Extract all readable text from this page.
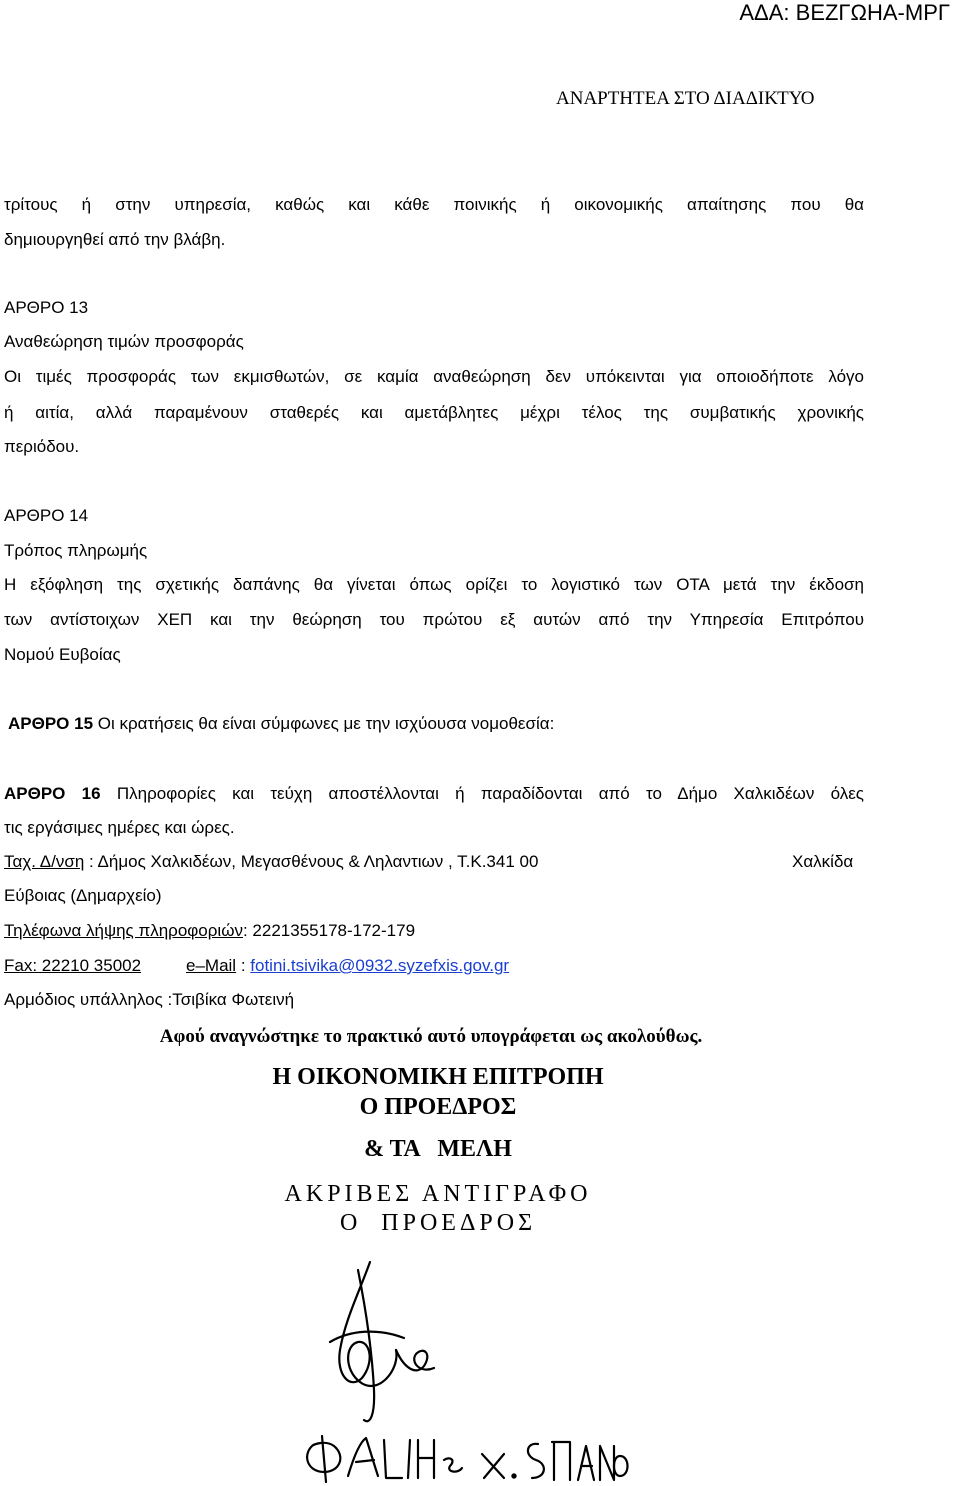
ΑΔΑ: ΒΕΖΓΩΗΑ-ΜΡΓ
ΑΝΑΡΤΗΤΕΑ ΣΤΟ ΔΙΑΔΙΚΤΥΟ
τρίτους ή στην υπηρεσία, καθώς και κάθε ποινικής ή οικονομικής απαίτησης που θα
δημιουργηθεί από την βλάβη.
ΑΡΘΡΟ 13
Αναθεώρηση τιμών προσφοράς
Οι τιμές προσφοράς των εκμισθωτών, σε καμία αναθεώρηση δεν υπόκεινται για οποιοδήποτε λόγο
ή αιτία, αλλά παραμένουν σταθερές και αμετάβλητες μέχρι τέλος της συμβατικής χρονικής
περιόδου.
ΑΡΘΡΟ 14
Τρόπος πληρωμής
Η εξόφληση της σχετικής δαπάνης θα γίνεται όπως ορίζει το λογιστικό των ΟΤΑ μετά την έκδοση
των αντίστοιχων ΧΕΠ και την θεώρηση του πρώτου εξ αυτών από την Υπηρεσία Επιτρόπου
Νομού Ευβοίας
ΑΡΘΡΟ 15 Οι κρατήσεις θα είναι σύμφωνες με την ισχύουσα νομοθεσία:
ΑΡΘΡΟ 16 Πληροφορίες και τεύχη αποστέλλονται ή παραδίδονται από το Δήμο Χαλκιδέων όλες
τις εργάσιμες ημέρες και ώρες.
Ταχ. Δ/νση : Δήμος Χαλκιδέων, Μεγασθένους & Ληλαντιων , Τ.Κ.341 00	Χαλκίδα
Εύβοιας (Δημαρχείο)
Τηλέφωνα λήψης πληροφοριών: 2221355178-172-179
Fax: 22210 35002	e–Mail : fotini.tsivika@0932.syzefxis.gov.gr
Αρμόδιος υπάλληλος :Τσιβίκα Φωτεινή
Αφού αναγνώστηκε το πρακτικό αυτό υπογράφεται ως ακολούθως.
Η ΟΙΚΟΝΟΜΙΚΗ ΕΠΙΤΡΟΠΗ
Ο ΠΡΟΕΔΡΟΣ
& ΤΑ   ΜΕΛΗ
ΑΚΡΙΒΕΣ ΑΝΤΙΓΡΑΦΟ
Ο  ΠΡΟΕΔΡΟΣ
